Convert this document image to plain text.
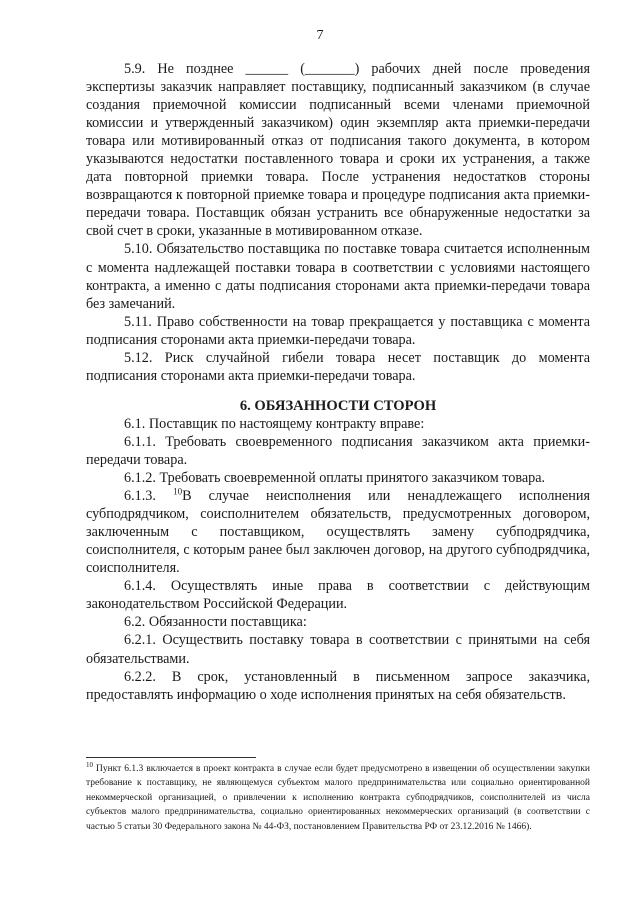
7

5.9. Не позднее ______ (_______) рабочих дней после проведения экспертизы заказчик направляет поставщику, подписанный заказчиком (в случае создания приемочной комиссии подписанный всеми членами приемочной комиссии и утвержденный заказчиком) один экземпляр акта приемки-передачи товара или мотивированный отказ от подписания такого документа, в котором указываются недостатки поставленного товара и сроки их устранения, а также дата повторной приемки товара. После устранения недостатков стороны возвращаются к повторной приемке товара и процедуре подписания акта приемки-передачи товара. Поставщик обязан устранить все обнаруженные недостатки за свой счет в сроки, указанные в мотивированном отказе.

5.10. Обязательство поставщика по поставке товара считается исполненным с момента надлежащей поставки товара в соответствии с условиями настоящего контракта, а именно с даты подписания сторонами акта приемки-передачи товара без замечаний.

5.11. Право собственности на товар прекращается у поставщика с момента подписания сторонами акта приемки-передачи товара.

5.12. Риск случайной гибели товара несет поставщик до момента подписания сторонами акта приемки-передачи товара.

6. ОБЯЗАННОСТИ СТОРОН

6.1. Поставщик по настоящему контракту вправе:

6.1.1. Требовать своевременного подписания заказчиком акта приемки-передачи товара.

6.1.2. Требовать своевременной оплаты принятого заказчиком товара.

6.1.3. $^{10}$В случае неисполнения или ненадлежащего исполнения субподрядчиком, соисполнителем обязательств, предусмотренных договором, заключенным с поставщиком, осуществлять замену субподрядчика, соисполнителя, с которым ранее был заключен договор, на другого субподрядчика, соисполнителя.

6.1.4. Осуществлять иные права в соответствии с действующим законодательством Российской Федерации.

6.2. Обязанности поставщика:

6.2.1. Осуществить поставку товара в соответствии с принятыми на себя обязательствами.

6.2.2. В срок, установленный в письменном запросе заказчика, предоставлять информацию о ходе исполнения принятых на себя обязательств.

$^{10}$ Пункт 6.1.3 включается в проект контракта в случае если будет предусмотрено в извещении об осуществлении закупки требование к поставщику, не являющемуся субъектом малого предпринимательства или социально ориентированной некоммерческой организацией, о привлечении к исполнению контракта субподрядчиков, соисполнителей из числа субъектов малого предпринимательства, социально ориентированных некоммерческих организаций (в соответствии с частью 5 статьи 30 Федерального закона № 44-ФЗ, постановлением Правительства РФ от 23.12.2016 № 1466).
